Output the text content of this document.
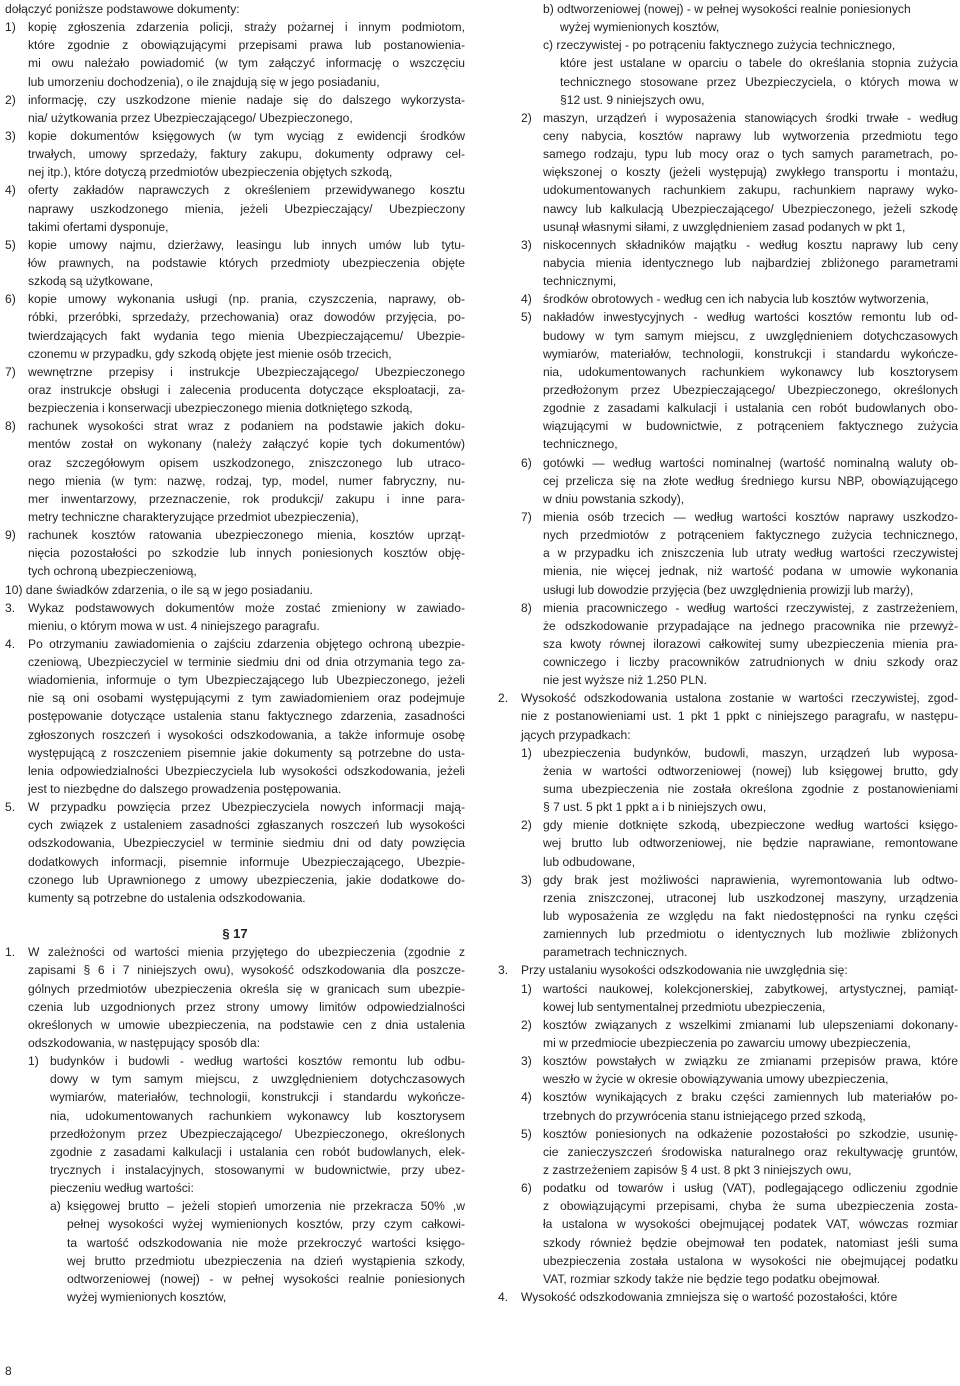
dołączyć poniższe podstawowe dokumenty:
1) kopię zgłoszenia zdarzenia policji, straży pożarnej i innym podmiotom,
które zgodnie z obowiązującymi przepisami prawa lub postanowienia-
mi owu należało powiadomić (w tym załączyć informację o wszczęciu
lub umorzeniu dochodzenia), o ile znajdują się w jego posiadaniu,
2) informację, czy uszkodzone mienie nadaje się do dalszego wykorzysta-
nia/ użytkowania przez Ubezpieczającego/ Ubezpieczonego,
3) kopie dokumentów księgowych (w tym wyciąg z ewidencji środków
trwałych, umowy sprzedaży, faktury zakupu, dokumenty odprawy cel-
nej itp.), które dotyczą przedmiotów ubezpieczenia objętych szkodą,
4) oferty zakładów naprawczych z określeniem przewidywanego kosztu
naprawy uszkodzonego mienia, jeżeli Ubezpieczający/ Ubezpieczony
takimi ofertami dysponuje,
5) kopie umowy najmu, dzierżawy, leasingu lub innych umów lub tytu-
łów prawnych, na podstawie których przedmioty ubezpieczenia objęte
szkodą są użytkowane,
6) kopie umowy wykonania usługi (np. prania, czyszczenia, naprawy, ob-
róbki, przeróbki, sprzedaży, przechowania) oraz dowodów przyjęcia, po-
twierdzających fakt wydania tego mienia Ubezpieczającemu/ Ubezpie-
czonemu w przypadku, gdy szkodą objęte jest mienie osób trzecich,
7) wewnętrzne przepisy i instrukcje Ubezpieczającego/ Ubezpieczonego
oraz instrukcje obsługi i zalecenia producenta dotyczące eksploatacji, za-
bezpieczenia i konserwacji ubezpieczonego mienia dotkniętego szkodą,
8) rachunek wysokości strat wraz z podaniem na podstawie jakich doku-
mentów został on wykonany (należy załączyć kopie tych dokumentów)
oraz szczegółowym opisem uszkodzonego, zniszczonego lub utraco-
nego mienia (w tym: nazwę, rodzaj, typ, model, numer fabryczny, nu-
mer inwentarzowy, przeznaczenie, rok produkcji/ zakupu i inne para-
metry techniczne charakteryzujące przedmiot ubezpieczenia),
9) rachunek kosztów ratowania ubezpieczonego mienia, kosztów uprząt-
nięcia pozostałości po szkodzie lub innych poniesionych kosztów obję-
tych ochroną ubezpieczeniową,
10) dane świadków zdarzenia, o ile są w jego posiadaniu.
3. Wykaz podstawowych dokumentów może zostać zmieniony w zawiado-
mieniu, o którym mowa w ust. 4 niniejszego paragrafu.
4. Po otrzymaniu zawiadomienia o zajściu zdarzenia objętego ochroną ubezpie-
czeniową, Ubezpieczyciel w terminie siedmiu dni od dnia otrzymania tego za-
wiadomienia, informuje o tym Ubezpieczającego lub Ubezpieczonego, jeżeli
nie są oni osobami występującymi z tym zawiadomieniem oraz podejmuje
postępowanie dotyczące ustalenia stanu faktycznego zdarzenia, zasadności
zgłoszonych roszczeń i wysokości odszkodowania, a także informuje osobę
występującą z roszczeniem pisemnie jakie dokumenty są potrzebne do usta-
lenia odpowiedzialności Ubezpieczyciela lub wysokości odszkodowania, jeżeli
jest to niezbędne do dalszego prowadzenia postępowania.
5. W przypadku powzięcia przez Ubezpieczyciela nowych informacji mają-
cych związek z ustaleniem zasadności zgłaszanych roszczeń lub wysokości
odszkodowania, Ubezpieczyciel w terminie siedmiu dni od daty powzięcia
dodatkowych informacji, pisemnie informuje Ubezpieczającego, Ubezpie-
czonego lub Uprawnionego z umowy ubezpieczenia, jakie dodatkowe do-
kumenty są potrzebne do ustalenia odszkodowania.
§ 17
1. W zależności od wartości mienia przyjętego do ubezpieczenia (zgodnie z
zapisami § 6 i 7 niniejszych owu), wysokość odszkodowania dla poszcze-
gólnych przedmiotów ubezpieczenia określa się w granicach sum ubezpie-
czenia lub uzgodnionych przez strony umowy limitów odpowiedzialności
określonych w umowie ubezpieczenia, na podstawie cen z dnia ustalenia
odszkodowania, w następujący sposób dla:
1) budynków i budowli - według wartości kosztów remontu lub odbu-
dowy w tym samym miejscu, z uwzględnieniem dotychczasowych
wymiarów, materiałów, technologii, konstrukcji i standardu wykończe-
nia, udokumentowanych rachunkiem wykonawcy lub kosztorysem
przedłożonym przez Ubezpieczającego/ Ubezpieczonego, określonych
zgodnie z zasadami kalkulacji i ustalania cen robót budowlanych, elek-
trycznych i instalacyjnych, stosowanymi w budownictwie, przy ubez-
pieczeniu według wartości:
a) księgowej brutto – jeżeli stopień umorzenia nie przekracza 50% ,w
pełnej wysokości wyżej wymienionych kosztów, przy czym całkowi-
ta wartość odszkodowania nie może przekroczyć wartości księgo-
wej brutto przedmiotu ubezpieczenia na dzień wystąpienia szkody,
odtworzeniowej (nowej) - w pełnej wysokości realnie poniesionych
wyżej wymienionych kosztów,
b) odtworzeniowej (nowej) - w pełnej wysokości realnie poniesionych
wyżej wymienionych kosztów,
c) rzeczywistej - po potrąceniu faktycznego zużycia technicznego,
które jest ustalane w oparciu o tabele do określania stopnia zużycia
technicznego stosowane przez Ubezpieczyciela, o których mowa w
§12 ust. 9 niniejszych owu,
2) maszyn, urządzeń i wyposażenia stanowiących środki trwałe - według
ceny nabycia, kosztów naprawy lub wytworzenia przedmiotu tego
samego rodzaju, typu lub mocy oraz o tych samych parametrach, po-
większonej o koszty (jeżeli występują) zwykłego transportu i montażu,
udokumentowanych rachunkiem zakupu, rachunkiem naprawy wyko-
nawcy lub kalkulacją Ubezpieczającego/ Ubezpieczonego, jeżeli szkodę
usunął własnymi siłami, z uwzględnieniem zasad podanych w pkt 1,
3) niskocennych składników majątku - według kosztu naprawy lub ceny
nabycia mienia identycznego lub najbardziej zbliżonego parametrami
technicznymi,
4) środków obrotowych - według cen ich nabycia lub kosztów wytworzenia,
5) nakładów inwestycyjnych - według wartości kosztów remontu lub od-
budowy w tym samym miejscu, z uwzględnieniem dotychczasowych
wymiarów, materiałów, technologii, konstrukcji i standardu wykończe-
nia, udokumentowanych rachunkiem wykonawcy lub kosztorysem
przedłożonym przez Ubezpieczającego/ Ubezpieczonego, określonych
zgodnie z zasadami kalkulacji i ustalania cen robót budowlanych obo-
wiązującymi w budownictwie, z potrąceniem faktycznego zużycia
technicznego,
6) gotówki — według wartości nominalnej (wartość nominalną waluty ob-
cej przelicza się na złote według średniego kursu NBP, obowiązującego
w dniu powstania szkody),
7) mienia osób trzecich — według wartości kosztów naprawy uszkodzo-
nych przedmiotów z potrąceniem faktycznego zużycia technicznego,
a w przypadku ich zniszczenia lub utraty według wartości rzeczywistej
mienia, nie więcej jednak, niż wartość podana w umowie wykonania
usługi lub dowodzie przyjęcia (bez uwzględnienia prowizji lub marży),
8) mienia pracowniczego - według wartości rzeczywistej, z zastrzeżeniem,
że odszkodowanie przypadające na jednego pracownika nie przewyż-
sza kwoty równej ilorazowi całkowitej sumy ubezpieczenia mienia pra-
cowniczego i liczby pracowników zatrudnionych w dniu szkody oraz
nie jest wyższe niż 1.250 PLN.
2. Wysokość odszkodowania ustalona zostanie w wartości rzeczywistej, zgod-
nie z postanowieniami ust. 1 pkt 1 ppkt c niniejszego paragrafu, w następu-
jących przypadkach:
1) ubezpieczenia budynków, budowli, maszyn, urządzeń lub wyposa-
żenia w wartości odtworzeniowej (nowej) lub księgowej brutto, gdy
suma ubezpieczenia nie została określona zgodnie z postanowieniami
§ 7 ust. 5 pkt 1 ppkt a i b niniejszych owu,
2) gdy mienie dotknięte szkodą, ubezpieczone według wartości księgo-
wej brutto lub odtworzeniowej, nie będzie naprawiane, remontowane
lub odbudowane,
3) gdy brak jest możliwości naprawienia, wyremontowania lub odtwo-
rzenia zniszczonej, utraconej lub uszkodzonej maszyny, urządzenia
lub wyposażenia ze względu na fakt niedostępności na rynku części
zamiennych lub przedmiotu o identycznych lub możliwie zbliżonych
parametrach technicznych.
3. Przy ustalaniu wysokości odszkodowania nie uwzględnia się:
1) wartości naukowej, kolekcjonerskiej, zabytkowej, artystycznej, pamiąt-
kowej lub sentymentalnej przedmiotu ubezpieczenia,
2) kosztów związanych z wszelkimi zmianami lub ulepszeniami dokonany-
mi w przedmiocie ubezpieczenia po zawarciu umowy ubezpieczenia,
3) kosztów powstałych w związku ze zmianami przepisów prawa, które
weszło w życie w okresie obowiązywania umowy ubezpieczenia,
4) kosztów wynikających z braku części zamiennych lub materiałów po-
trzebnych do przywrócenia stanu istniejącego przed szkodą,
5) kosztów poniesionych na odkażenie pozostałości po szkodzie, usunię-
cie zanieczyszczeń środowiska naturalnego oraz rekultywację gruntów,
z zastrzeżeniem zapisów § 4 ust. 8 pkt 3 niniejszych owu,
6) podatku od towarów i usług (VAT), podlegającego odliczeniu zgodnie
z obowiązującymi przepisami, chyba że suma ubezpieczenia zosta-
ła ustalona w wysokości obejmującej podatek VAT, wówczas rozmiar
szkody również będzie obejmował ten podatek, natomiast jeśli suma
ubezpieczenia została ustalona w wysokości nie obejmującej podatku
VAT, rozmiar szkody także nie będzie tego podatku obejmował.
4. Wysokość odszkodowania zmniejsza się o wartość pozostałości, które
8
